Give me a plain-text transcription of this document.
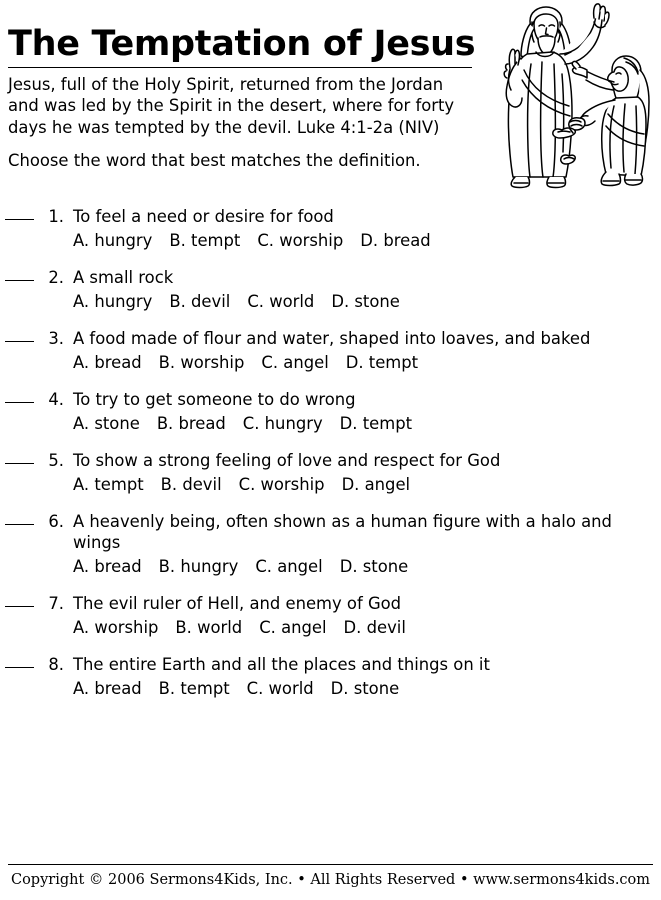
The Temptation of Jesus

Jesus, full of the Holy Spirit, returned from the Jordan and was led by the Spirit in the desert, where for forty days he was tempted by the devil. Luke 4:1-2a (NIV)

Choose the word that best matches the definition.

1. To feel a need or desire for food

A. hungry B. tempt C. worship D. bread
2. A small rock

A. hungry B. devil C. world D. stone
3. A food made of flour and water, shaped into loaves, and baked

A. bread B. worship C. angel D. tempt
4. To try to get someone to do wrong

A. stone B. bread C. hungry D. tempt
5. To show a strong feeling of love and respect for God

A. tempt B. devil C. worship D. angel
6. A heavenly being, often shown as a human figure with a halo and wings

A. bread B. hungry C. angel D. stone
7. The evil ruler of Hell, and enemy of God

A. worship B. world C. angel D. devil
8. The entire Earth and all the places and things on it

A. bread B. tempt C. world D. stone

Copyright © 2006 Sermons4Kids, Inc. • All Rights Reserved • www.sermons4kids.com
